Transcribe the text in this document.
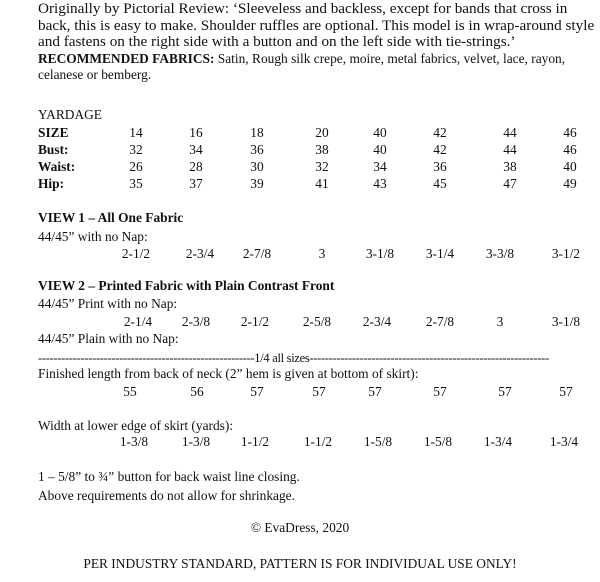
Originally by Pictorial Review: ‘Sleeveless and backless, except for bands that cross in back, this is easy to make. Shoulder ruffles are optional. This model is in wrap-around style and fastens on the right side with a button and on the left side with tie-strings.’

RECOMMENDED FABRICS: Satin, Rough silk crepe, moire, metal fabrics, velvet, lace, rayon, celanese or bemberg.

YARDAGE
VIEW 1 – All One Fabric
44/45” with no Nap:
VIEW 2 – Printed Fabric with Plain Contrast Front
44/45” Print with no Nap:
44/45” Plain with no Nap:
--------------------------------------------------------1/4 all sizes--------------------------------------------------------------
Finished length from back of neck (2” hem is given at bottom of skirt):
Width at lower edge of skirt (yards):
1 – 5/8” to ¾” button for back waist line closing.
Above requirements do not allow for shrinkage.
© EvaDress, 2020
PER INDUSTRY STANDARD, PATTERN IS FOR INDIVIDUAL USE ONLY!
SIZE	14	16	18	20	40	42	44	46
Bust:	32	34	36	38	40	42	44	46
Waist:	26	28	30	32	34	36	38	40
Hip:	35	37	39	41	43	45	47	49
2-1/2	2-3/4	2-7/8	3	3-1/8	3-1/4	3-3/8	3-1/2
2-1/4	2-3/8	2-1/2	2-5/8	2-3/4	2-7/8	3	3-1/8
55	56	57	57	57	57	57	57
1-3/8	1-3/8	1-1/2	1-1/2	1-5/8	1-5/8	1-3/4	1-3/4
